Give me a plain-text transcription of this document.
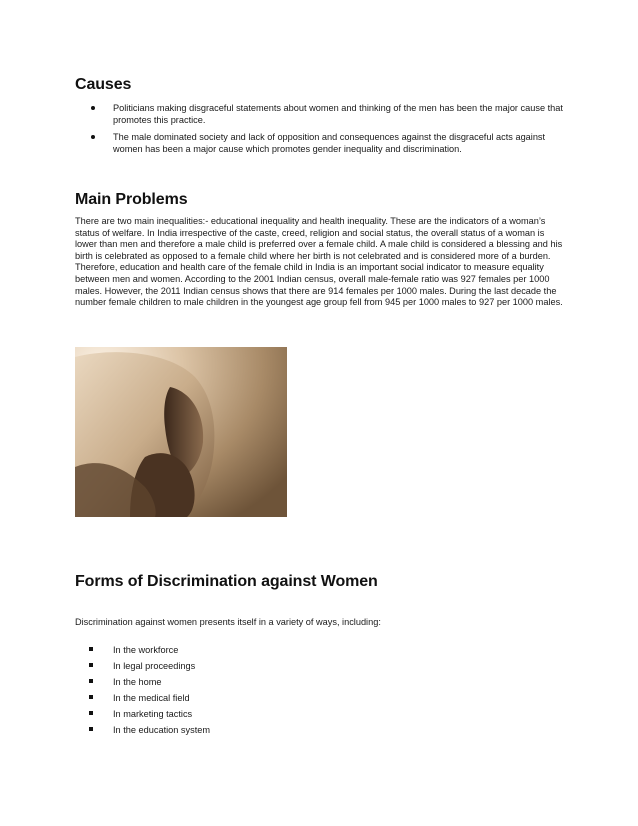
Causes
Politicians making disgraceful statements about women and thinking of the men has been the major cause that promotes this practice.
The male dominated society and lack of opposition and consequences against the disgraceful acts against women has been a major cause which promotes gender inequality and discrimination.
Main Problems

There are two main inequalities:- educational inequality and health inequality. These are the indicators of a woman’s status of welfare. In India irrespective of the caste, creed, religion and social status, the overall status of a woman is lower than men and therefore a male child is preferred over a female child. A male child is considered a blessing and his birth is celebrated as opposed to a female child where her birth is not celebrated and is considered more of a burden. Therefore, education and health care of the female child in India is an important social indicator to measure equality between men and women. According to the 2001 Indian census, overall male-female ratio was 927 females per 1000 males. However, the 2011 Indian census shows that there are 914 females per 1000 males. During the last decade the number female children to male children in the youngest age group fell from 945 per 1000 males to 927 per 1000 males.

Forms of Discrimination against Women

Discrimination against women presents itself in a variety of ways, including:

In the workforce
In legal proceedings
In the home
In the medical field
In marketing tactics
In the education system
